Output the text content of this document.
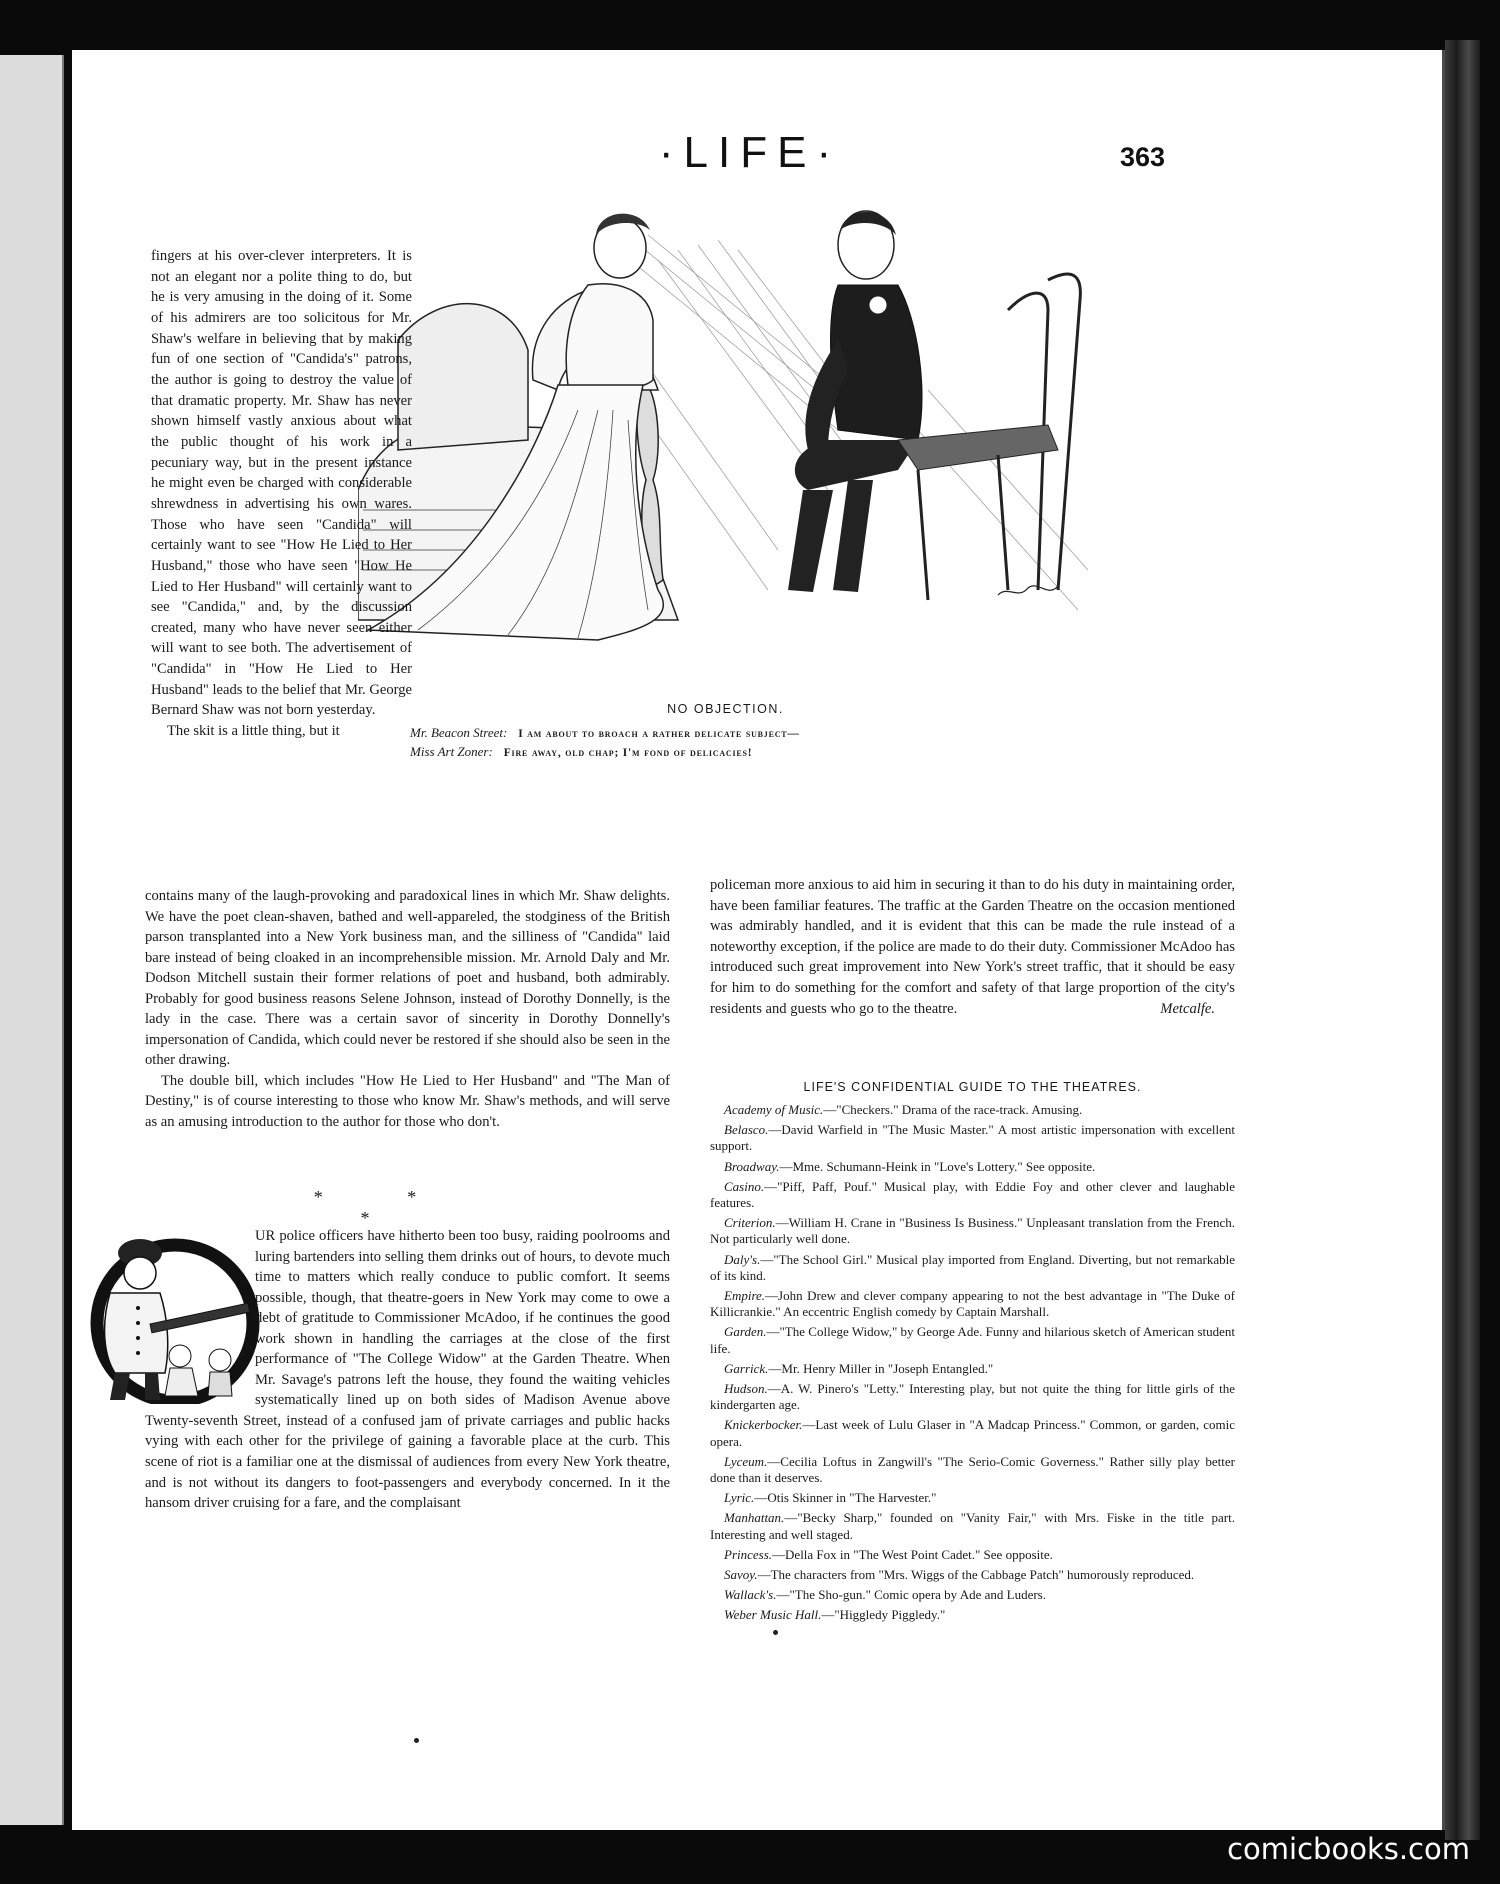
·LIFE·	363
NO OBJECTION.
Mr. Beacon Street: I am about to broach a rather delicate subject—
Miss Art Zoner: Fire away, old chap; I'm fond of delicacies!

fingers at his over-clever interpreters. It is not an elegant nor a polite thing to do, but he is very amusing in the doing of it. Some of his admirers are too solicitous for Mr. Shaw's welfare in believing that by making fun of one section of "Candida's" patrons, the author is going to destroy the value of that dramatic property. Mr. Shaw has never shown himself vastly anxious about what the public thought of his work in a pecuniary way, but in the present instance he might even be charged with considerable shrewdness in advertising his own wares. Those who have seen "Candida" will certainly want to see "How He Lied to Her Husband," those who have seen "How He Lied to Her Husband" will certainly want to see "Candida," and, by the discussion created, many who have never seen either will want to see both. The advertisement of "Candida" in "How He Lied to Her Husband" leads to the belief that Mr. George Bernard Shaw was not born yesterday.

The skit is a little thing, but it

contains many of the laugh-provoking and paradoxical lines in which Mr. Shaw delights. We have the poet clean-shaven, bathed and well-appareled, the stodginess of the British parson transplanted into a New York business man, and the silliness of "Candida" laid bare instead of being cloaked in an incomprehensible mission. Mr. Arnold Daly and Mr. Dodson Mitchell sustain their former relations of poet and husband, both admirably. Probably for good business reasons Selene Johnson, instead of Dorothy Donnelly, is the lady in the case. There was a certain savor of sincerity in Dorothy Donnelly's impersonation of Candida, which could never be restored if she should also be seen in the other drawing.

The double bill, which includes "How He Lied to Her Husband" and "The Man of Destiny," is of course interesting to those who know Mr. Shaw's methods, and will serve as an amusing introduction to the author for those who don't.

* * *

UR police officers have hitherto been too busy, raiding poolrooms and luring bartenders into selling them drinks out of hours, to devote much time to matters which really conduce to public comfort. It seems possible, though, that theatre-goers in New York may come to owe a debt of gratitude to Commissioner McAdoo, if he continues the good work shown in handling the carriages at the close of the first performance of "The College Widow" at the Garden Theatre. When Mr. Savage's patrons left the house, they found the waiting vehicles systematically lined up on both sides of Madison Avenue above Twenty-seventh Street, instead of a confused jam of private carriages and public hacks vying with each other for the privilege of gaining a favorable place at the curb. This scene of riot is a familiar one at the dismissal of audiences from every New York theatre, and is not without its dangers to foot-passengers and everybody concerned. In it the hansom driver cruising for a fare, and the complaisant

policeman more anxious to aid him in securing it than to do his duty in maintaining order, have been familiar features. The traffic at the Garden Theatre on the occasion mentioned was admirably handled, and it is evident that this can be made the rule instead of a noteworthy exception, if the police are made to do their duty. Commissioner McAdoo has introduced such great improvement into New York's street traffic, that it should be easy for him to do something for the comfort and safety of that large proportion of the city's residents and guests who go to the theatre.	Metcalfe.

LIFE'S CONFIDENTIAL GUIDE TO THE THEATRES.

Academy of Music.—"Checkers." Drama of the race-track. Amusing.

Belasco.—David Warfield in "The Music Master." A most artistic impersonation with excellent support.

Broadway.—Mme. Schumann-Heink in "Love's Lottery." See opposite.

Casino.—"Piff, Paff, Pouf." Musical play, with Eddie Foy and other clever and laughable features.

Criterion.—William H. Crane in "Business Is Business." Unpleasant translation from the French. Not particularly well done.

Daly's.—"The School Girl." Musical play imported from England. Diverting, but not remarkable of its kind.

Empire.—John Drew and clever company appearing to not the best advantage in "The Duke of Killicrankie." An eccentric English comedy by Captain Marshall.

Garden.—"The College Widow," by George Ade. Funny and hilarious sketch of American student life.

Garrick.—Mr. Henry Miller in "Joseph Entangled."

Hudson.—A. W. Pinero's "Letty." Interesting play, but not quite the thing for little girls of the kindergarten age.

Knickerbocker.—Last week of Lulu Glaser in "A Madcap Princess." Common, or garden, comic opera.

Lyceum.—Cecilia Loftus in Zangwill's "The Serio-Comic Governess." Rather silly play better done than it deserves.

Lyric.—Otis Skinner in "The Harvester."

Manhattan.—"Becky Sharp," founded on "Vanity Fair," with Mrs. Fiske in the title part. Interesting and well staged.

Princess.—Della Fox in "The West Point Cadet." See opposite.

Savoy.—The characters from "Mrs. Wiggs of the Cabbage Patch" humorously reproduced.

Wallack's.—"The Sho-gun." Comic opera by Ade and Luders.

Weber Music Hall.—"Higgledy Piggledy."

comicbooks.com
